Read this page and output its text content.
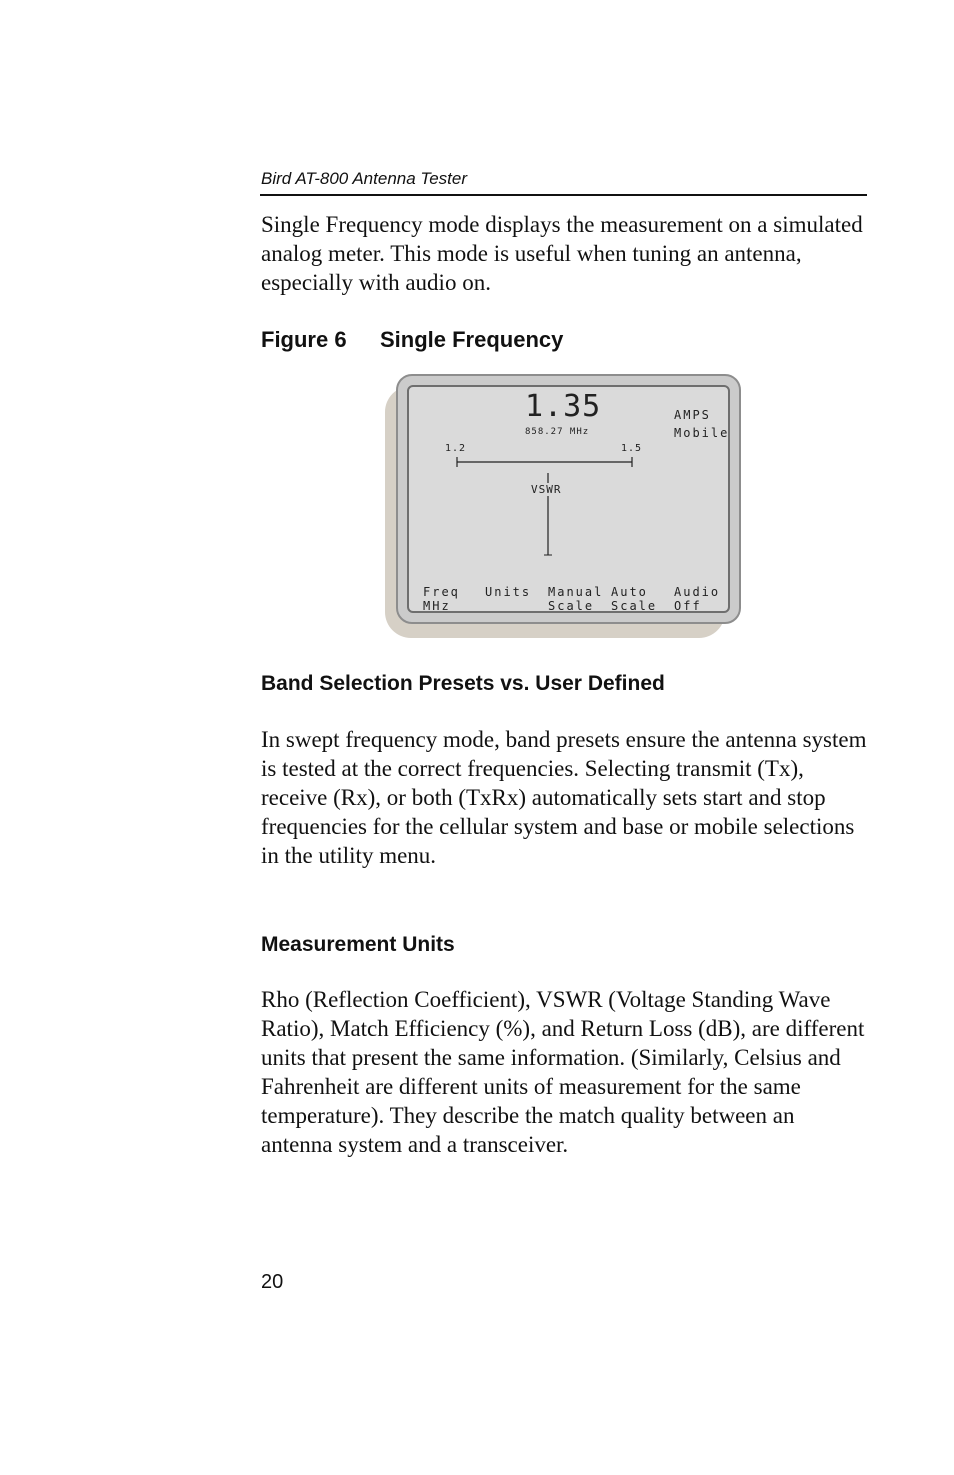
Bird AT-800 Antenna Tester

Single Frequency mode displays the measurement on a simulated analog meter. This mode is useful when tuning an antenna, especially with audio on.

Figure 6 Single Frequency
1.35
858.27 MHz
AMPS
Mobile
1.2	1.5
VSWR
Freq
MHz
Units Manual
Scale
Auto
Scale
Audio
Off
Band Selection Presets vs. User Defined

In swept frequency mode, band presets ensure the antenna system is tested at the correct frequencies. Selecting transmit (Tx), receive (Rx), or both (TxRx) automatically sets start and stop frequencies for the cellular system and base or mobile selections in the utility menu.

Measurement Units

Rho (Reflection Coefficient), VSWR (Voltage Standing Wave Ratio), Match Efficiency (%), and Return Loss (dB), are different units that present the same information. (Similarly, Celsius and Fahrenheit are different units of measurement for the same temperature). They describe the match quality between an antenna system and a transceiver.

20
